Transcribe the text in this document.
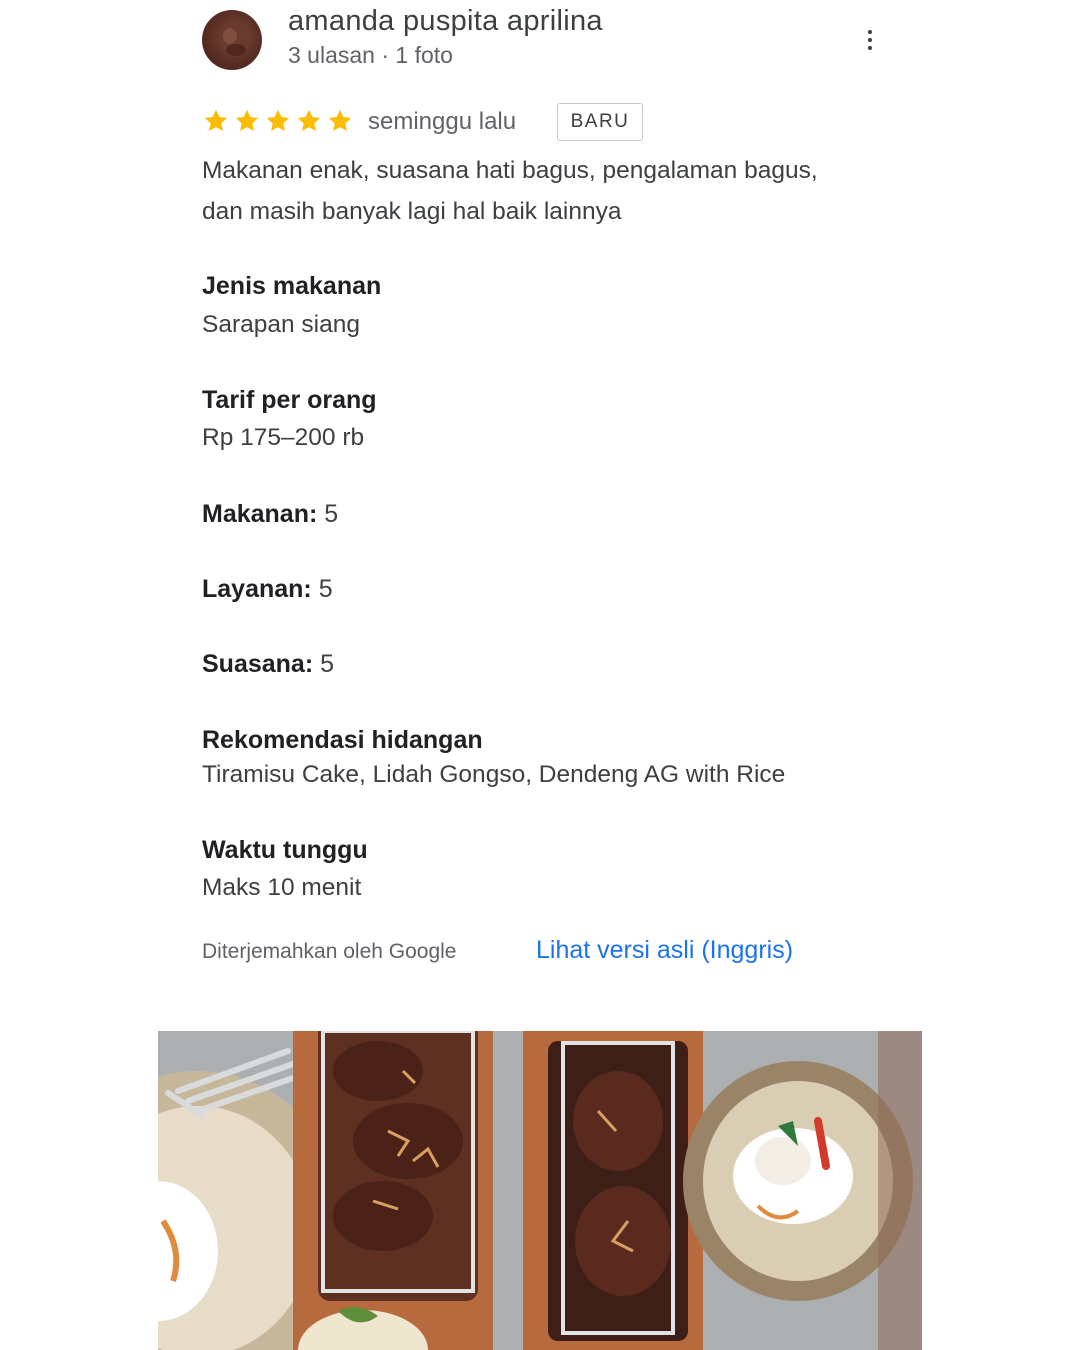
amanda puspita aprilina
3 ulasan · 1 foto
seminggu lalu	BARU
Makanan enak, suasana hati bagus, pengalaman bagus, dan masih banyak lagi hal baik lainnya
Jenis makanan
Sarapan siang
Tarif per orang
Rp 175–200 rb
Makanan: 5
Layanan: 5
Suasana: 5
Rekomendasi hidangan
Tiramisu Cake, Lidah Gongso, Dendeng AG with Rice
Waktu tunggu
Maks 10 menit
Diterjemahkan oleh Google	Lihat versi asli (Inggris)
